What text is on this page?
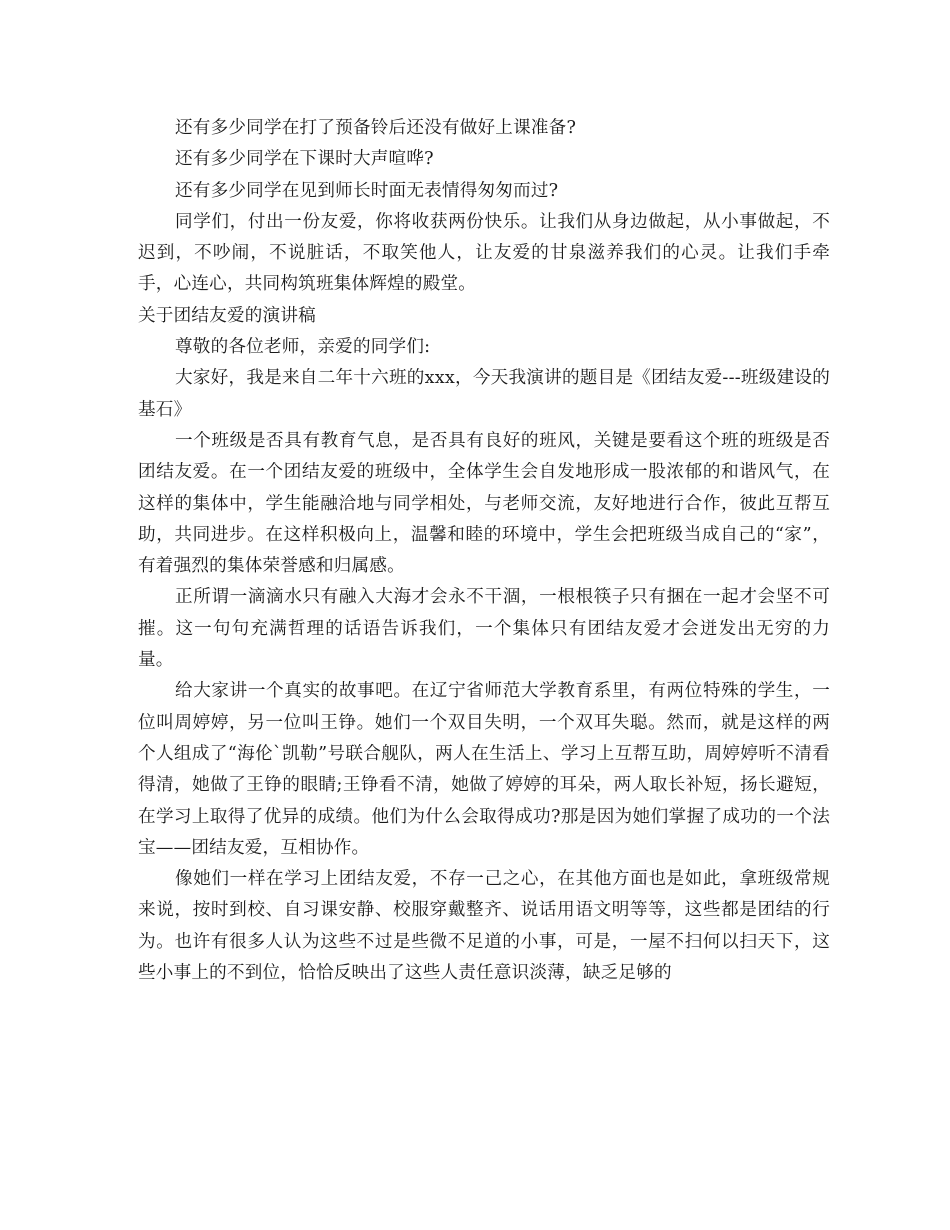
还有多少同学在打了预备铃后还没有做好上课准备?

还有多少同学在下课时大声喧哗?

还有多少同学在见到师长时面无表情得匆匆而过?

同学们，付出一份友爱，你将收获两份快乐。让我们从身边做起，从小事做起，不迟到，不吵闹，不说脏话，不取笑他人，让友爱的甘泉滋养我们的心灵。让我们手牵手，心连心，共同构筑班集体辉煌的殿堂。

关于团结友爱的演讲稿

尊敬的各位老师，亲爱的同学们:

大家好，我是来自二年十六班的xxx，今天我演讲的题目是《团结友爱---班级建设的基石》

一个班级是否具有教育气息，是否具有良好的班风，关键是要看这个班的班级是否团结友爱。在一个团结友爱的班级中，全体学生会自发地形成一股浓郁的和谐风气，在这样的集体中，学生能融洽地与同学相处，与老师交流，友好地进行合作，彼此互帮互助，共同进步。在这样积极向上，温馨和睦的环境中，学生会把班级当成自己的“家”，有着强烈的集体荣誉感和归属感。

正所谓一滴滴水只有融入大海才会永不干涸，一根根筷子只有捆在一起才会坚不可摧。这一句句充满哲理的话语告诉我们，一个集体只有团结友爱才会迸发出无穷的力量。

给大家讲一个真实的故事吧。在辽宁省师范大学教育系里，有两位特殊的学生，一位叫周婷婷，另一位叫王铮。她们一个双目失明，一个双耳失聪。然而，就是这样的两个人组成了“海伦`凯勒”号联合舰队，两人在生活上、学习上互帮互助，周婷婷听不清看得清，她做了王铮的眼睛;王铮看不清，她做了婷婷的耳朵，两人取长补短，扬长避短，在学习上取得了优异的成绩。他们为什么会取得成功?那是因为她们掌握了成功的一个法宝——团结友爱，互相协作。

像她们一样在学习上团结友爱，不存一己之心，在其他方面也是如此，拿班级常规来说，按时到校、自习课安静、校服穿戴整齐、说话用语文明等等，这些都是团结的行为。也许有很多人认为这些不过是些微不足道的小事，可是，一屋不扫何以扫天下，这些小事上的不到位，恰恰反映出了这些人责任意识淡薄，缺乏足够的
